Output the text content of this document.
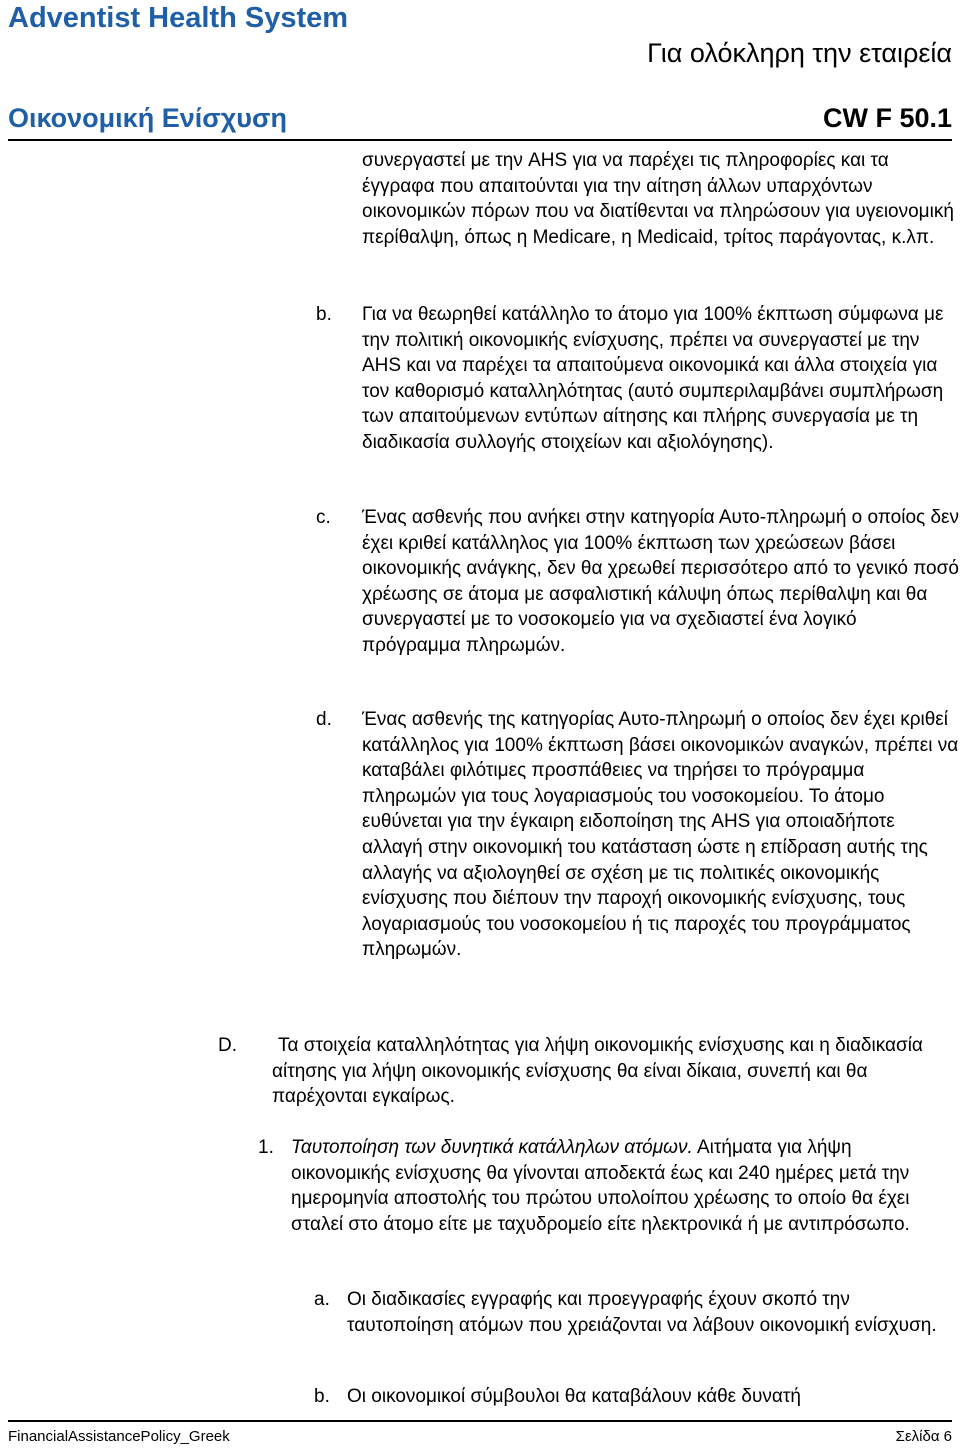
Adventist Health System
Για ολόκληρη την εταιρεία
Οικονομική Ενίσχυση	CW F 50.1

συνεργαστεί με την AHS για να παρέχει τις πληροφορίες και τα έγγραφα που απαιτούνται για την αίτηση άλλων υπαρχόντων οικονομικών πόρων που να διατίθενται να πληρώσουν για υγειονομική περίθαλψη, όπως η Medicare, η Medicaid, τρίτος παράγοντας, κ.λπ.

b. Για να θεωρηθεί κατάλληλο το άτομο για 100% έκπτωση σύμφωνα με την πολιτική οικονομικής ενίσχυσης, πρέπει να συνεργαστεί με την AHS και να παρέχει τα απαιτούμενα οικονομικά και άλλα στοιχεία για τον καθορισμό καταλληλότητας (αυτό συμπεριλαμβάνει συμπλήρωση των απαιτούμενων εντύπων αίτησης και πλήρης συνεργασία με τη διαδικασία συλλογής στοιχείων και αξιολόγησης).

c. Ένας ασθενής που ανήκει στην κατηγορία Αυτο-πληρωμή ο οποίος δεν έχει κριθεί κατάλληλος για 100% έκπτωση των χρεώσεων βάσει οικονομικής ανάγκης, δεν θα χρεωθεί περισσότερο από το γενικό ποσό χρέωσης σε άτομα με ασφαλιστική κάλυψη όπως περίθαλψη και θα συνεργαστεί με το νοσοκομείο για να σχεδιαστεί ένα λογικό πρόγραμμα πληρωμών.

d. Ένας ασθενής της κατηγορίας Αυτο-πληρωμή ο οποίος δεν έχει κριθεί κατάλληλος για 100% έκπτωση βάσει οικονομικών αναγκών, πρέπει να καταβάλει φιλότιμες προσπάθειες να τηρήσει το πρόγραμμα πληρωμών για τους λογαριασμούς του νοσοκομείου. Το άτομο ευθύνεται για την έγκαιρη ειδοποίηση της AHS για οποιαδήποτε αλλαγή στην οικονομική του κατάσταση ώστε η επίδραση αυτής της αλλαγής να αξιολογηθεί σε σχέση με τις πολιτικές οικονομικής ενίσχυσης που διέπουν την παροχή οικονομικής ενίσχυσης, τους λογαριασμούς του νοσοκομείου ή τις παροχές του προγράμματος πληρωμών.

D.	Τα στοιχεία καταλληλότητας για λήψη οικονομικής ενίσχυσης και η διαδικασία αίτησης για λήψη οικονομικής ενίσχυσης θα είναι δίκαια, συνεπή και θα παρέχονται εγκαίρως.

1. Ταυτοποίηση των δυνητικά κατάλληλων ατόμων. Αιτήματα για λήψη οικονομικής ενίσχυσης θα γίνονται αποδεκτά έως και 240 ημέρες μετά την ημερομηνία αποστολής του πρώτου υπολοίπου χρέωσης το οποίο θα έχει σταλεί στο άτομο είτε με ταχυδρομείο είτε ηλεκτρονικά ή με αντιπρόσωπο.

a. Οι διαδικασίες εγγραφής και προεγγραφής έχουν σκοπό την ταυτοποίηση ατόμων που χρειάζονται να λάβουν οικονομική ενίσχυση.

b. Οι οικονομικοί σύμβουλοι θα καταβάλουν κάθε δυνατή

FinancialAssistancePolicy_Greek	Σελίδα 6
